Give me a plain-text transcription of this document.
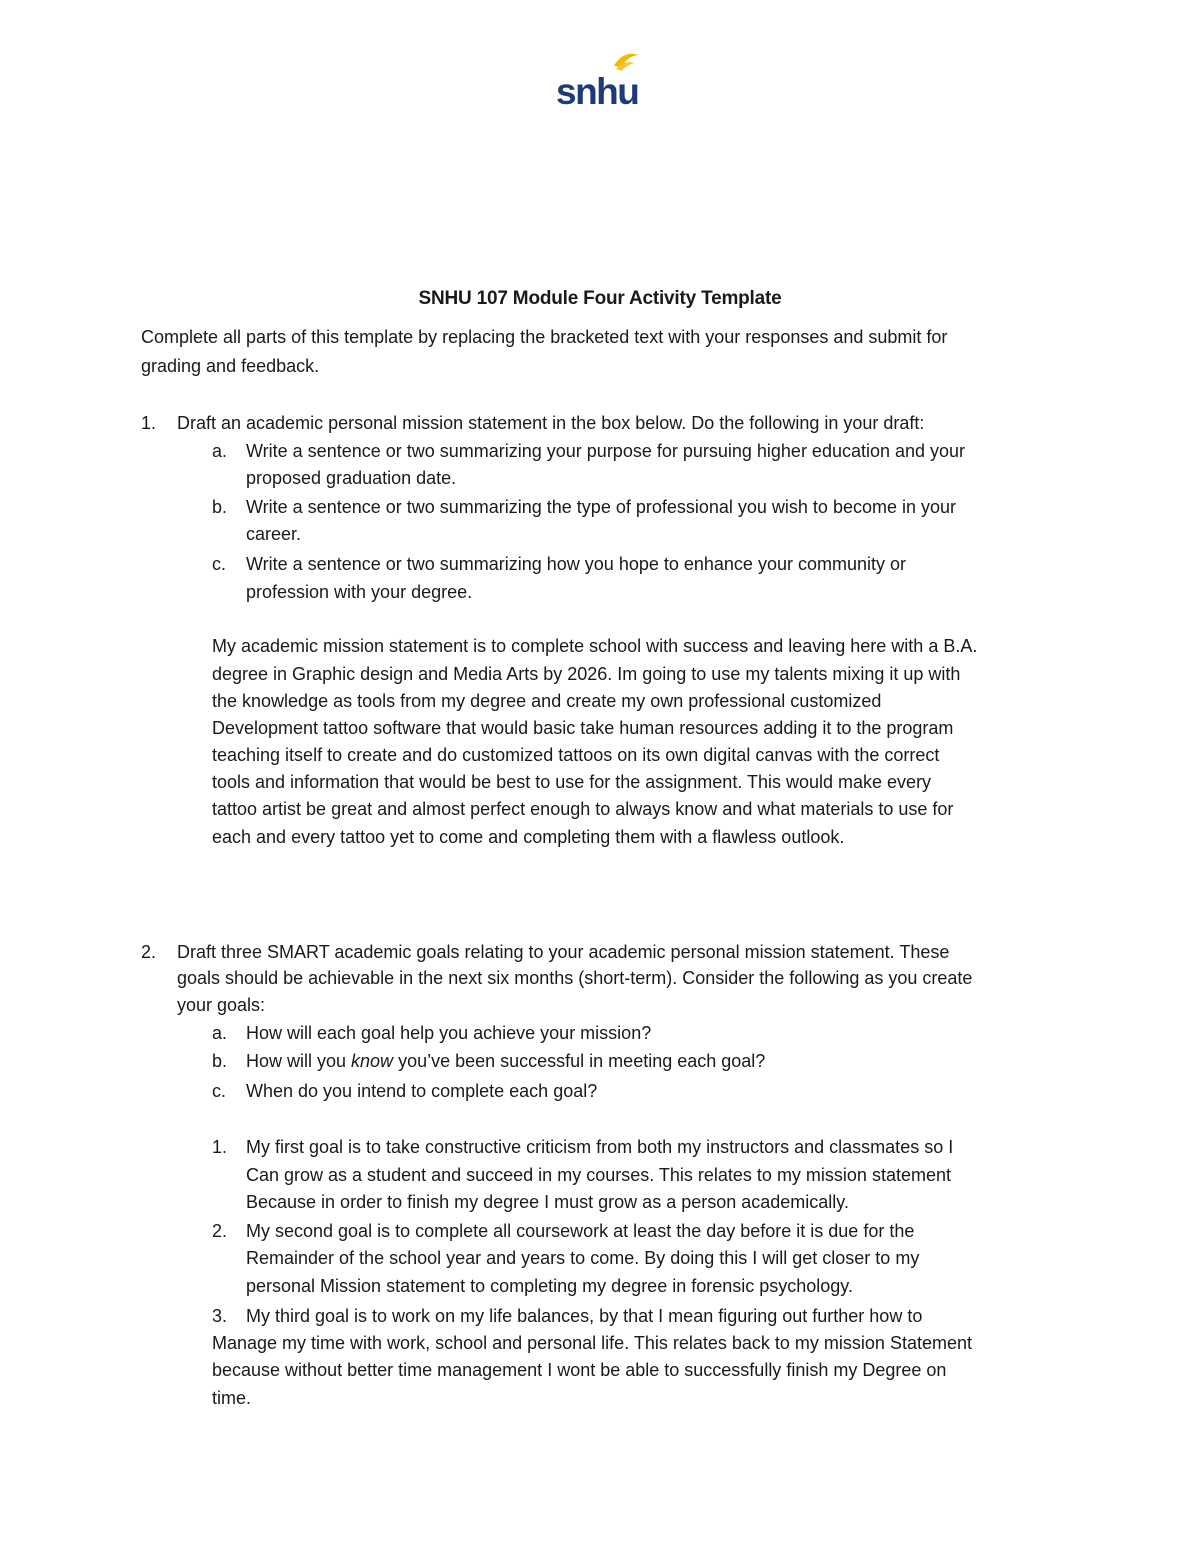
snhu
SNHU 107 Module Four Activity Template
Complete all parts of this template by replacing the bracketed text with your responses and submit for
grading and feedback.
1. Draft an academic personal mission statement in the box below. Do the following in your draft:
a. Write a sentence or two summarizing your purpose for pursuing higher education and your
proposed graduation date.
b. Write a sentence or two summarizing the type of professional you wish to become in your
career.
c. Write a sentence or two summarizing how you hope to enhance your community or
profession with your degree.
My academic mission statement is to complete school with success and leaving here with a B.A.
degree in Graphic design and Media Arts by 2026. Im going to use my talents mixing it up with
the knowledge as tools from my degree and create my own professional customized
Development tattoo software that would basic take human resources adding it to the program
teaching itself to create and do customized tattoos on its own digital canvas with the correct
tools and information that would be best to use for the assignment. This would make every
tattoo artist be great and almost perfect enough to always know and what materials to use for
each and every tattoo yet to come and completing them with a flawless outlook.
2. Draft three SMART academic goals relating to your academic personal mission statement. These
goals should be achievable in the next six months (short-term). Consider the following as you create
your goals:
a. How will each goal help you achieve your mission?
b. How will you know you’ve been successful in meeting each goal?
c. When do you intend to complete each goal?
1. My first goal is to take constructive criticism from both my instructors and classmates so I
Can grow as a student and succeed in my courses. This relates to my mission statement
Because in order to finish my degree I must grow as a person academically.
2. My second goal is to complete all coursework at least the day before it is due for the
Remainder of the school year and years to come. By doing this I will get closer to my
personal Mission statement to completing my degree in forensic psychology.
3. My third goal is to work on my life balances, by that I mean figuring out further how to
Manage my time with work, school and personal life. This relates back to my mission Statement
because without better time management I wont be able to successfully finish my Degree on
time.
